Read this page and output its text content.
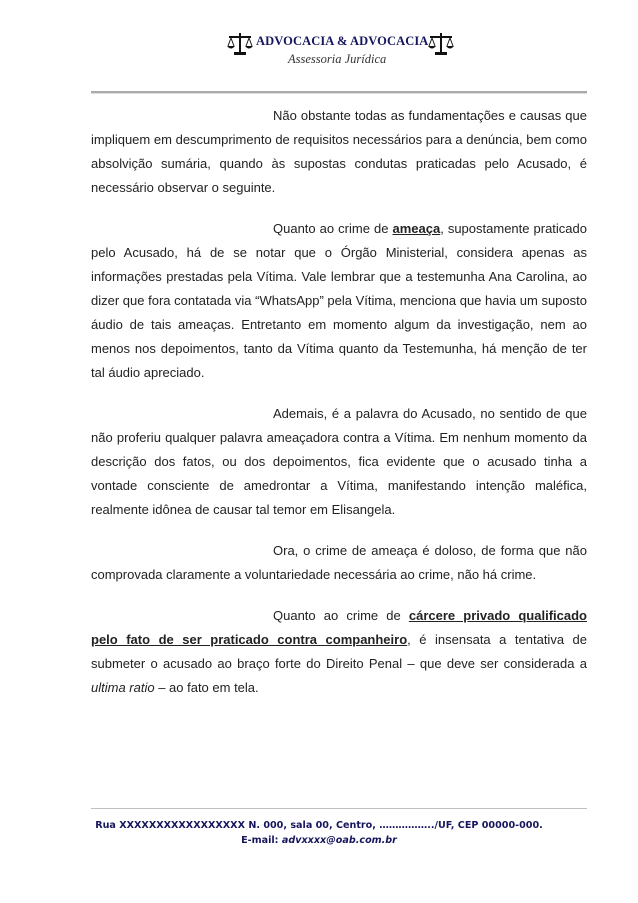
ADVOCACIA & ADVOCACIA
Assessoria Jurídica

Não obstante todas as fundamentações e causas que impliquem em descumprimento de requisitos necessários para a denúncia, bem como absolvição sumária, quando às supostas condutas praticadas pelo Acusado, é necessário observar o seguinte.

Quanto ao crime de ameaça, supostamente praticado pelo Acusado, há de se notar que o Órgão Ministerial, considera apenas as informações prestadas pela Vítima. Vale lembrar que a testemunha Ana Carolina, ao dizer que fora contatada via “WhatsApp” pela Vítima, menciona que havia um suposto áudio de tais ameaças. Entretanto em momento algum da investigação, nem ao menos nos depoimentos, tanto da Vítima quanto da Testemunha, há menção de ter tal áudio apreciado.

Ademais, é a palavra do Acusado, no sentido de que não proferiu qualquer palavra ameaçadora contra a Vítima. Em nenhum momento da descrição dos fatos, ou dos depoimentos, fica evidente que o acusado tinha a vontade consciente de amedrontar a Vítima, manifestando intenção maléfica, realmente idônea de causar tal temor em Elisangela.

Ora, o crime de ameaça é doloso, de forma que não comprovada claramente a voluntariedade necessária ao crime, não há crime.

Quanto ao crime de cárcere privado qualificado pelo fato de ser praticado contra companheiro, é insensata a tentativa de submeter o acusado ao braço forte do Direito Penal – que deve ser considerada a ultima ratio – ao fato em tela.

Rua XXXXXXXXXXXXXXXXX N. 000, sala 00, Centro, ……………../UF, CEP 00000-000.
E-mail: advxxxx@oab.com.br
